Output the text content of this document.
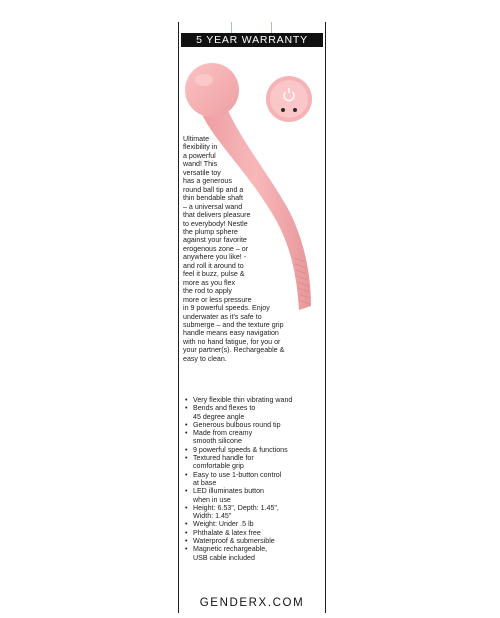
5 YEAR WARRANTY
Ultimate
flexibility in
a powerful
wand! This
versatile toy
has a generous
round ball tip and a
thin bendable shaft
– a universal wand
that delivers pleasure
to everybody! Nestle
the plump sphere
against your favorite
erogenous zone – or
anywhere you like! -
and roll it around to
feel it buzz, pulse &
more as you flex
the rod to apply
more or less pressure
in 9 powerful speeds. Enjoy
underwater as it's safe to
submerge – and the texture grip
handle means easy navigation
with no hand fatigue, for you or
your partner(s). Rechargeable &
easy to clean.
• Very flexible thin vibrating wand
• Bends and flexes to
45 degree angle
• Generous bulbous round tip
• Made from creamy
smooth silicone
• 9 powerful speeds & functions
• Textured handle for
comfortable grip
• Easy to use 1-button control
at base
• LED illuminates button
when in use
• Height: 6.53", Depth: 1.45",
Width: 1.45"
• Weight: Under .5 lb
• Phthalate & latex free
• Waterproof & submersible
• Magnetic rechargeable,
USB cable included
GENDERX.COM
